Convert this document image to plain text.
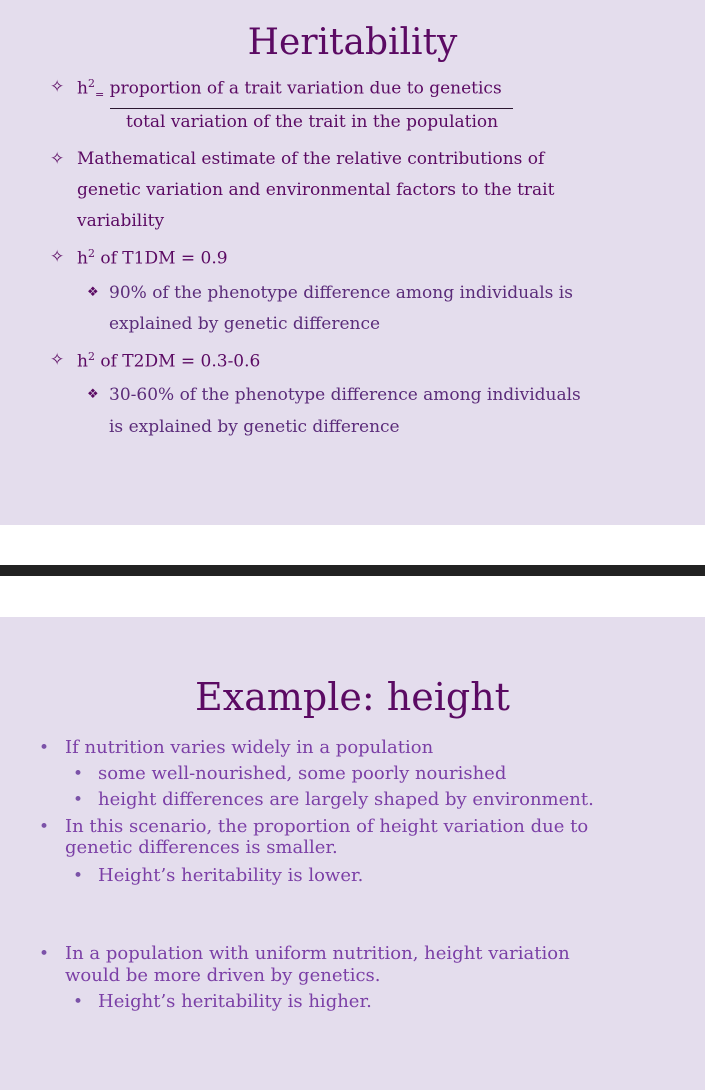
Heritability
✧ $h^2_=$ proportion of a trait variation due to genetics
total variation of the trait in the population
✧ Mathematical estimate of the relative contributions of
genetic variation and environmental factors to the trait
variability
✧ $h^2$ of T1DM = 0.9
❖ 90% of the phenotype difference among individuals is
explained by genetic difference
✧ $h^2$ of T2DM = 0.3-0.6
❖ 30-60% of the phenotype difference among individuals
is explained by genetic difference
Example: height
• If nutrition varies widely in a population
• some well-nourished, some poorly nourished
• height differences are largely shaped by environment.
• In this scenario, the proportion of height variation due to
genetic differences is smaller.
• Height’s heritability is lower.
• In a population with uniform nutrition, height variation
would be more driven by genetics.
• Height’s heritability is higher.
